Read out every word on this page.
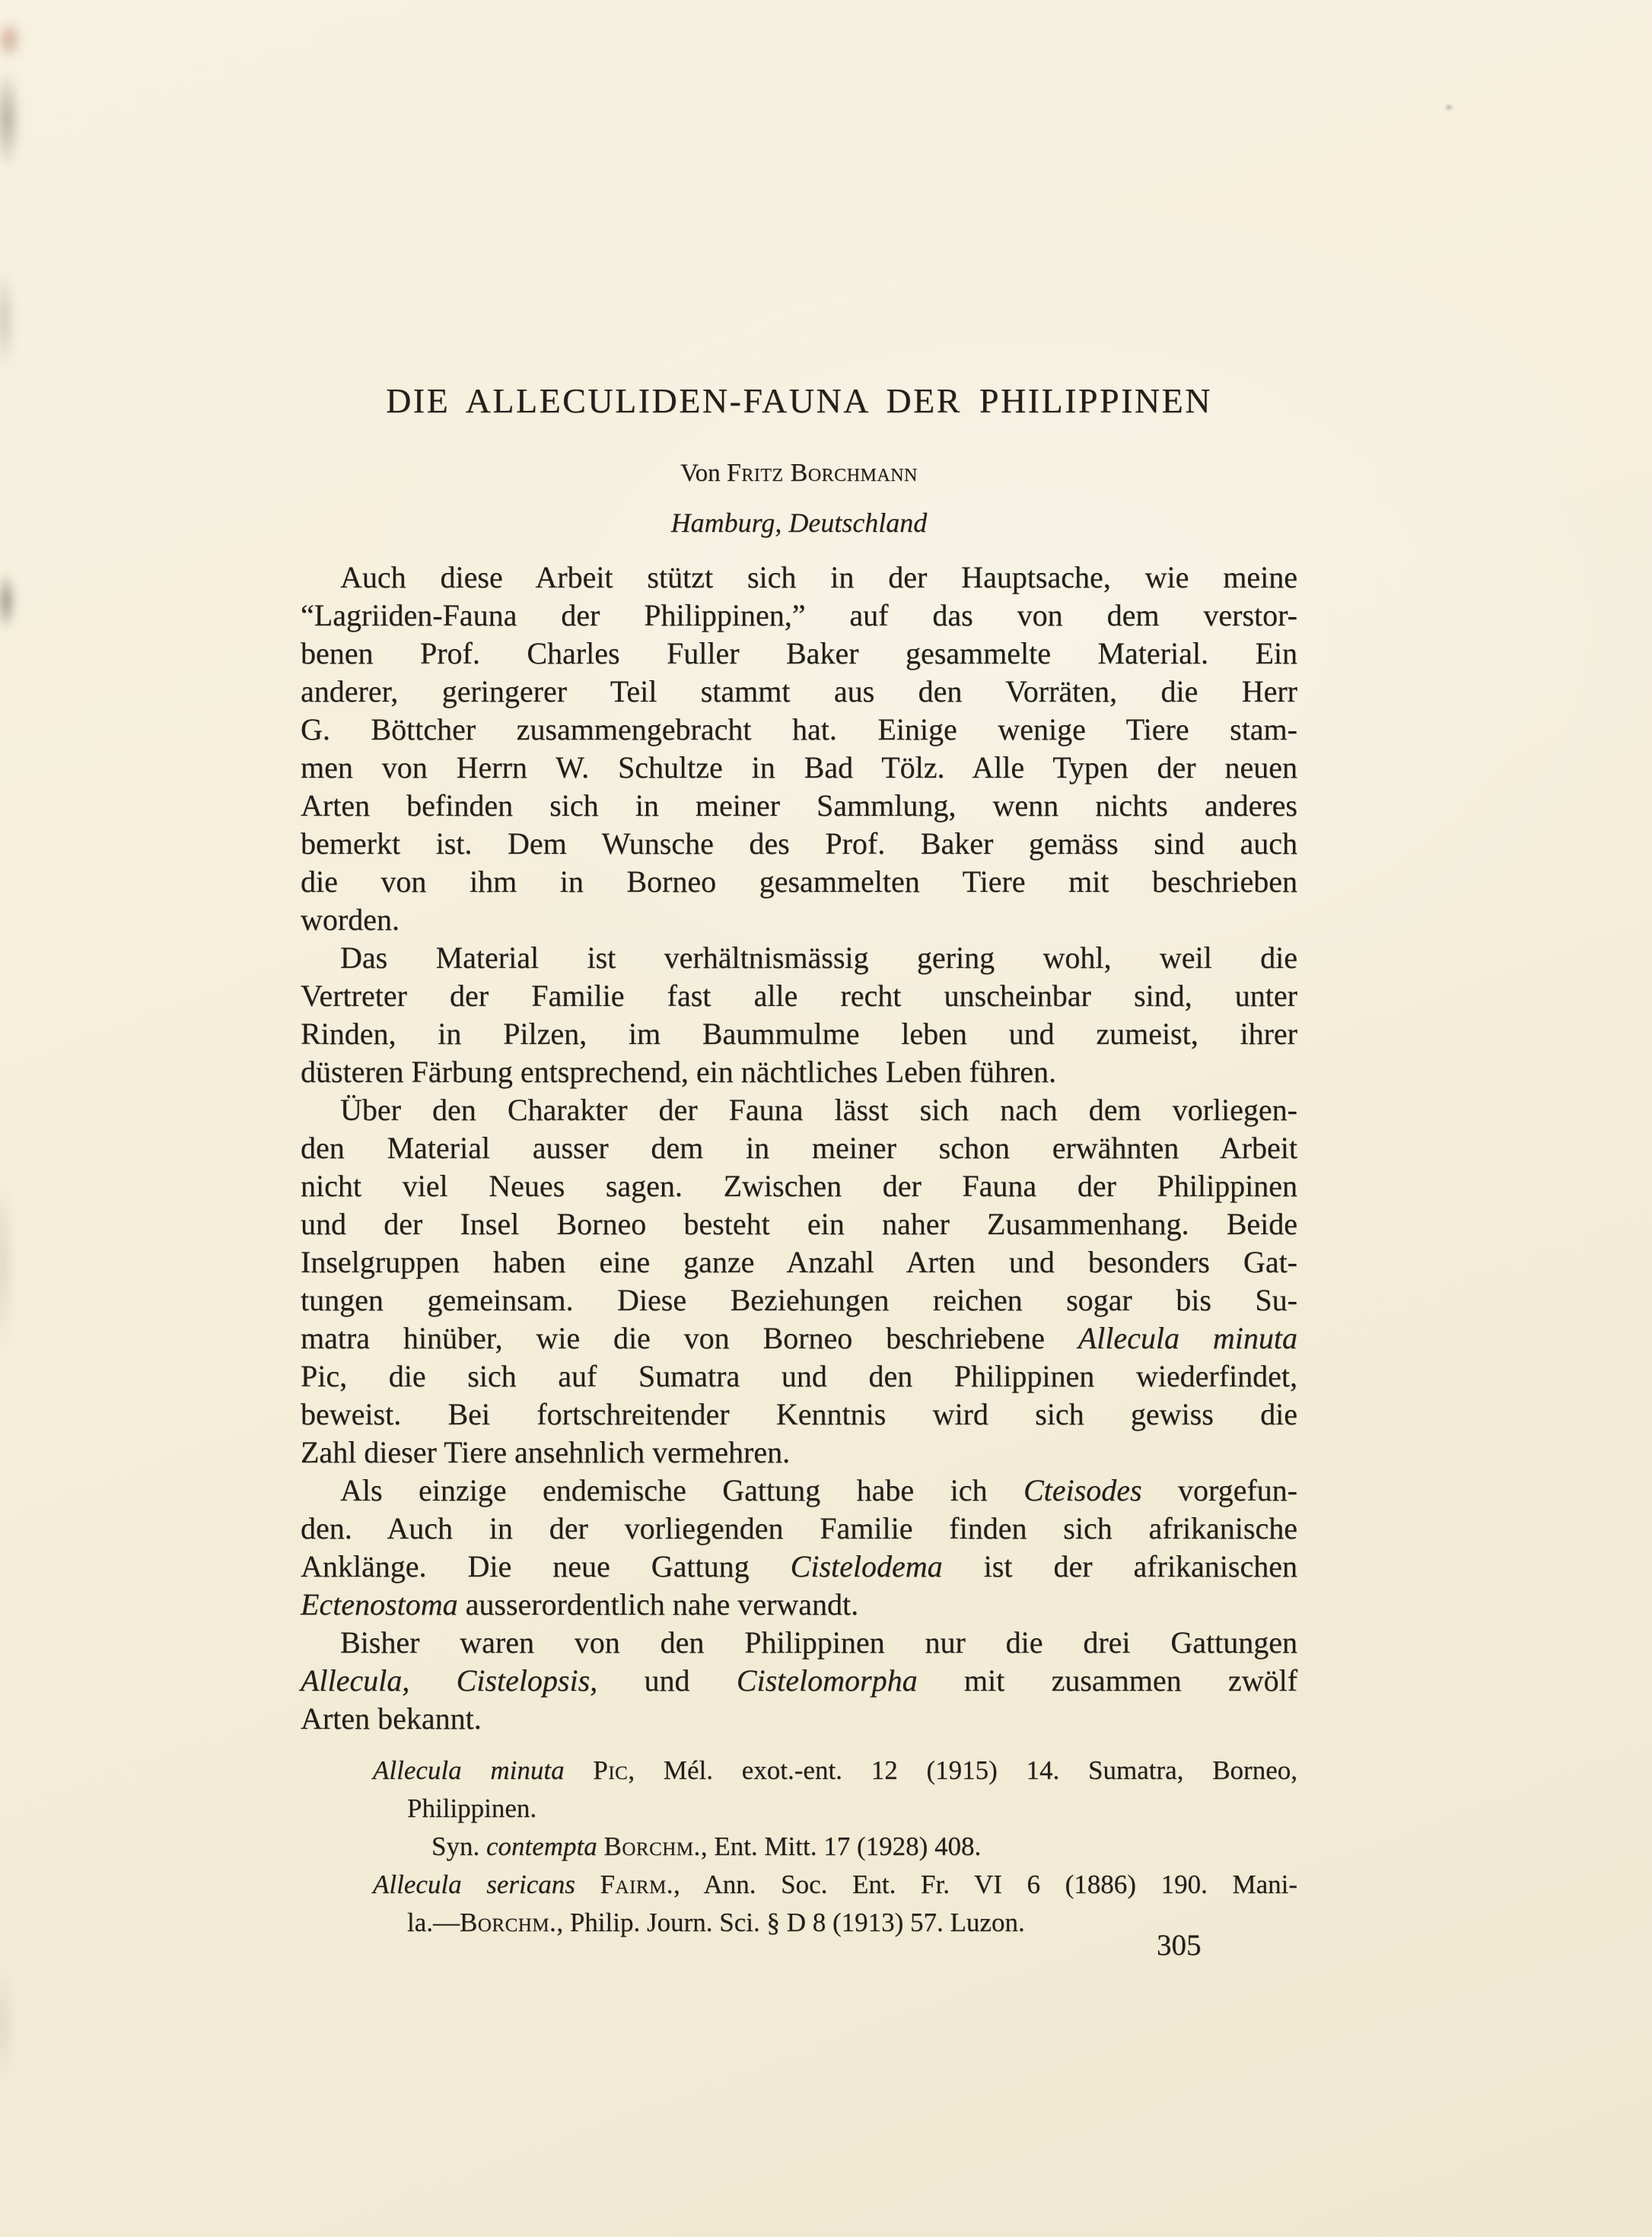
DIE ALLECULIDEN-FAUNA DER PHILIPPINEN
Von Fritz Borchmann
Hamburg, Deutschland
Auch diese Arbeit stützt sich in der Hauptsache, wie meine
“Lagriiden-Fauna der Philippinen,” auf das von dem verstor-
benen Prof. Charles Fuller Baker gesammelte Material. Ein
anderer, geringerer Teil stammt aus den Vorräten, die Herr
G. Böttcher zusammengebracht hat. Einige wenige Tiere stam-
men von Herrn W. Schultze in Bad Tölz. Alle Typen der neuen
Arten befinden sich in meiner Sammlung, wenn nichts anderes
bemerkt ist. Dem Wunsche des Prof. Baker gemäss sind auch
die von ihm in Borneo gesammelten Tiere mit beschrieben
worden.
Das Material ist verhältnismässig gering wohl, weil die
Vertreter der Familie fast alle recht unscheinbar sind, unter
Rinden, in Pilzen, im Baummulme leben und zumeist, ihrer
düsteren Färbung entsprechend, ein nächtliches Leben führen.
Über den Charakter der Fauna lässt sich nach dem vorliegen-
den Material ausser dem in meiner schon erwähnten Arbeit
nicht viel Neues sagen. Zwischen der Fauna der Philippinen
und der Insel Borneo besteht ein naher Zusammenhang. Beide
Inselgruppen haben eine ganze Anzahl Arten und besonders Gat-
tungen gemeinsam. Diese Beziehungen reichen sogar bis Su-
matra hinüber, wie die von Borneo beschriebene Allecula minuta
Pic, die sich auf Sumatra und den Philippinen wiederfindet,
beweist. Bei fortschreitender Kenntnis wird sich gewiss die
Zahl dieser Tiere ansehnlich vermehren.
Als einzige endemische Gattung habe ich Cteisodes vorgefun-
den. Auch in der vorliegenden Familie finden sich afrikanische
Anklänge. Die neue Gattung Cistelodema ist der afrikanischen
Ectenostoma ausserordentlich nahe verwandt.
Bisher waren von den Philippinen nur die drei Gattungen
Allecula, Cistelopsis, und Cistelomorpha mit zusammen zwölf
Arten bekannt.
Allecula minuta Pic, Mél. exot.-ent. 12 (1915) 14. Sumatra, Borneo,
Philippinen.
Syn. contempta Borchm., Ent. Mitt. 17 (1928) 408.
Allecula sericans Fairm., Ann. Soc. Ent. Fr. VI 6 (1886) 190. Mani-
la.—Borchm., Philip. Journ. Sci. § D 8 (1913) 57. Luzon.
305
